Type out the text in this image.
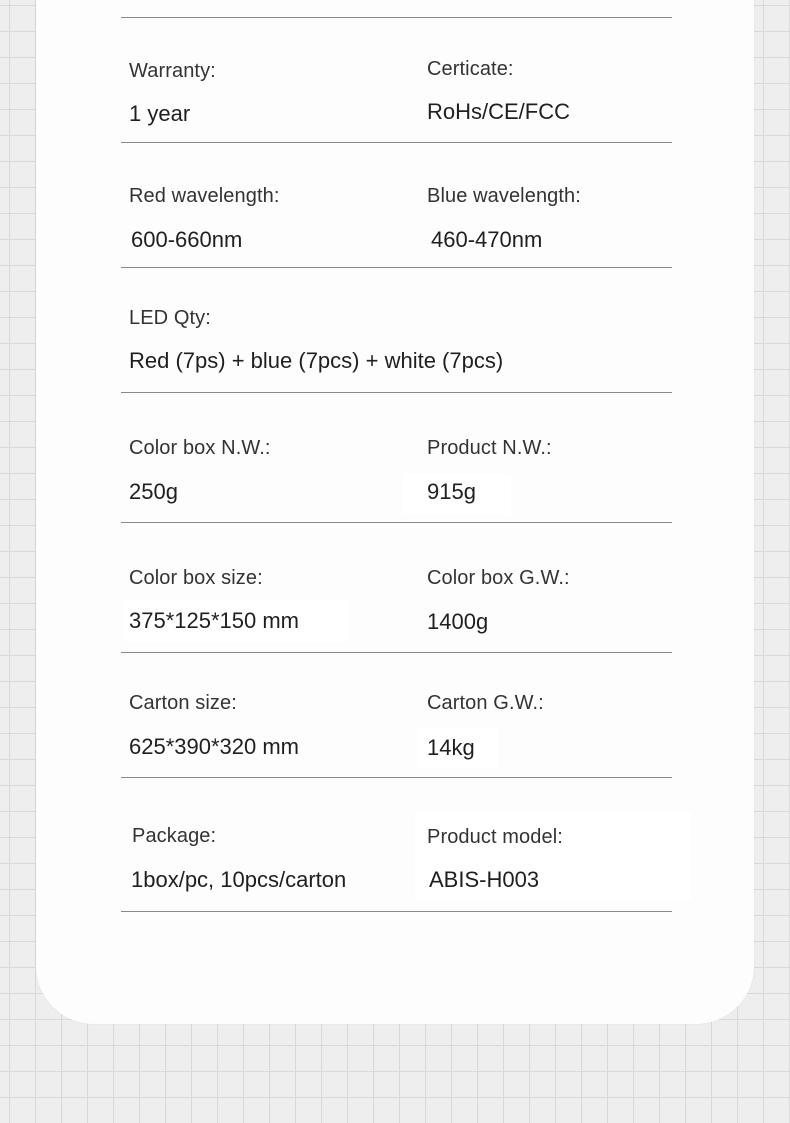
Warranty:
1 year
Certicate:
RoHs/CE/FCC
Red wavelength:
600-660nm
Blue wavelength:
460-470nm
LED Qty:
Red (7ps) + blue (7pcs) + white (7pcs)
Color box N.W.:
250g
Product N.W.:
915g
Color box size:
375*125*150 mm
Color box G.W.:
1400g
Carton size:
625*390*320 mm
Carton G.W.:
14kg
Package:
1box/pc, 10pcs/carton
Product model:
ABIS-H003
